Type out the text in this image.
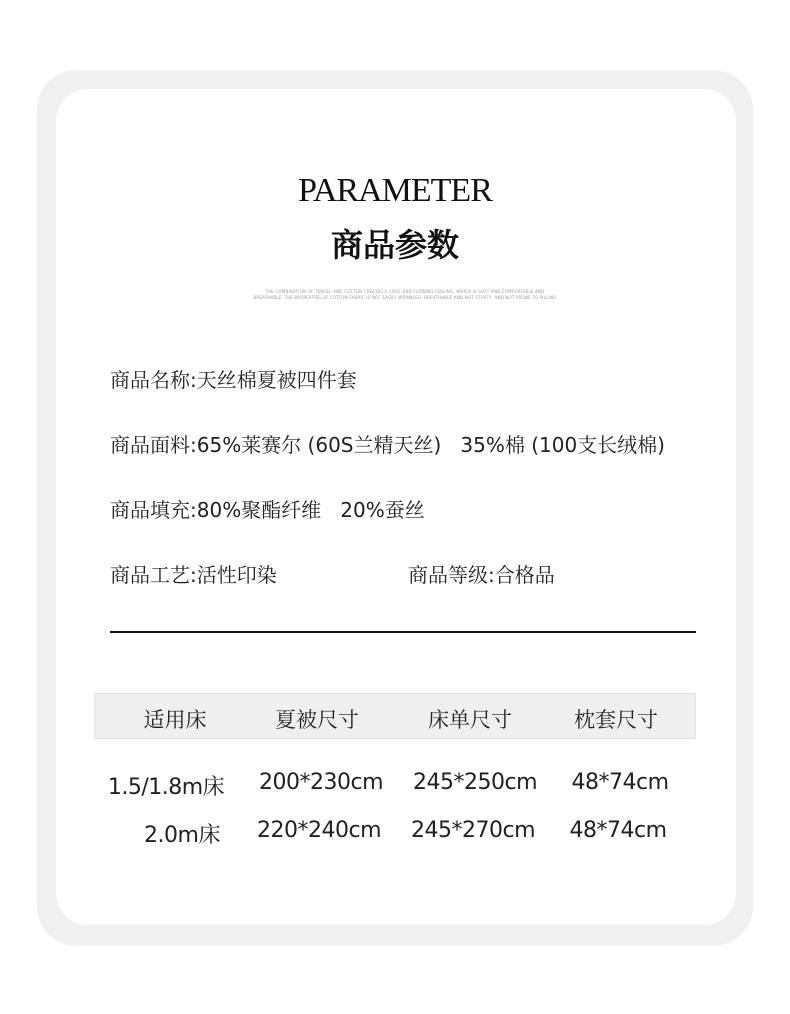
PARAMETER
商品参数
THE COMBINATION OF TENCEL AND COTTON CREATES A COOL AND FLOWING FEELING, WHICH IS SOFT AND COMFORTABLE AND BREATHABLE. THE PROPERTIES OF COTTON FABRIC IS NOT EASILY WRINKLED, BREATHABLE AND NOT STUFFY, AND NOT PRONE TO PILLING
商品名称:天丝棉夏被四件套
商品面料:65%莱赛尔 (60S兰精天丝)   35%棉 (100支长绒棉)
商品填充:80%聚酯纤维   20%蚕丝
商品工艺:活性印染	商品等级:合格品
适用床	夏被尺寸	床单尺寸	枕套尺寸
1.5/1.8m床	200*230cm	245*250cm	48*74cm
2.0m床	220*240cm	245*270cm	48*74cm
